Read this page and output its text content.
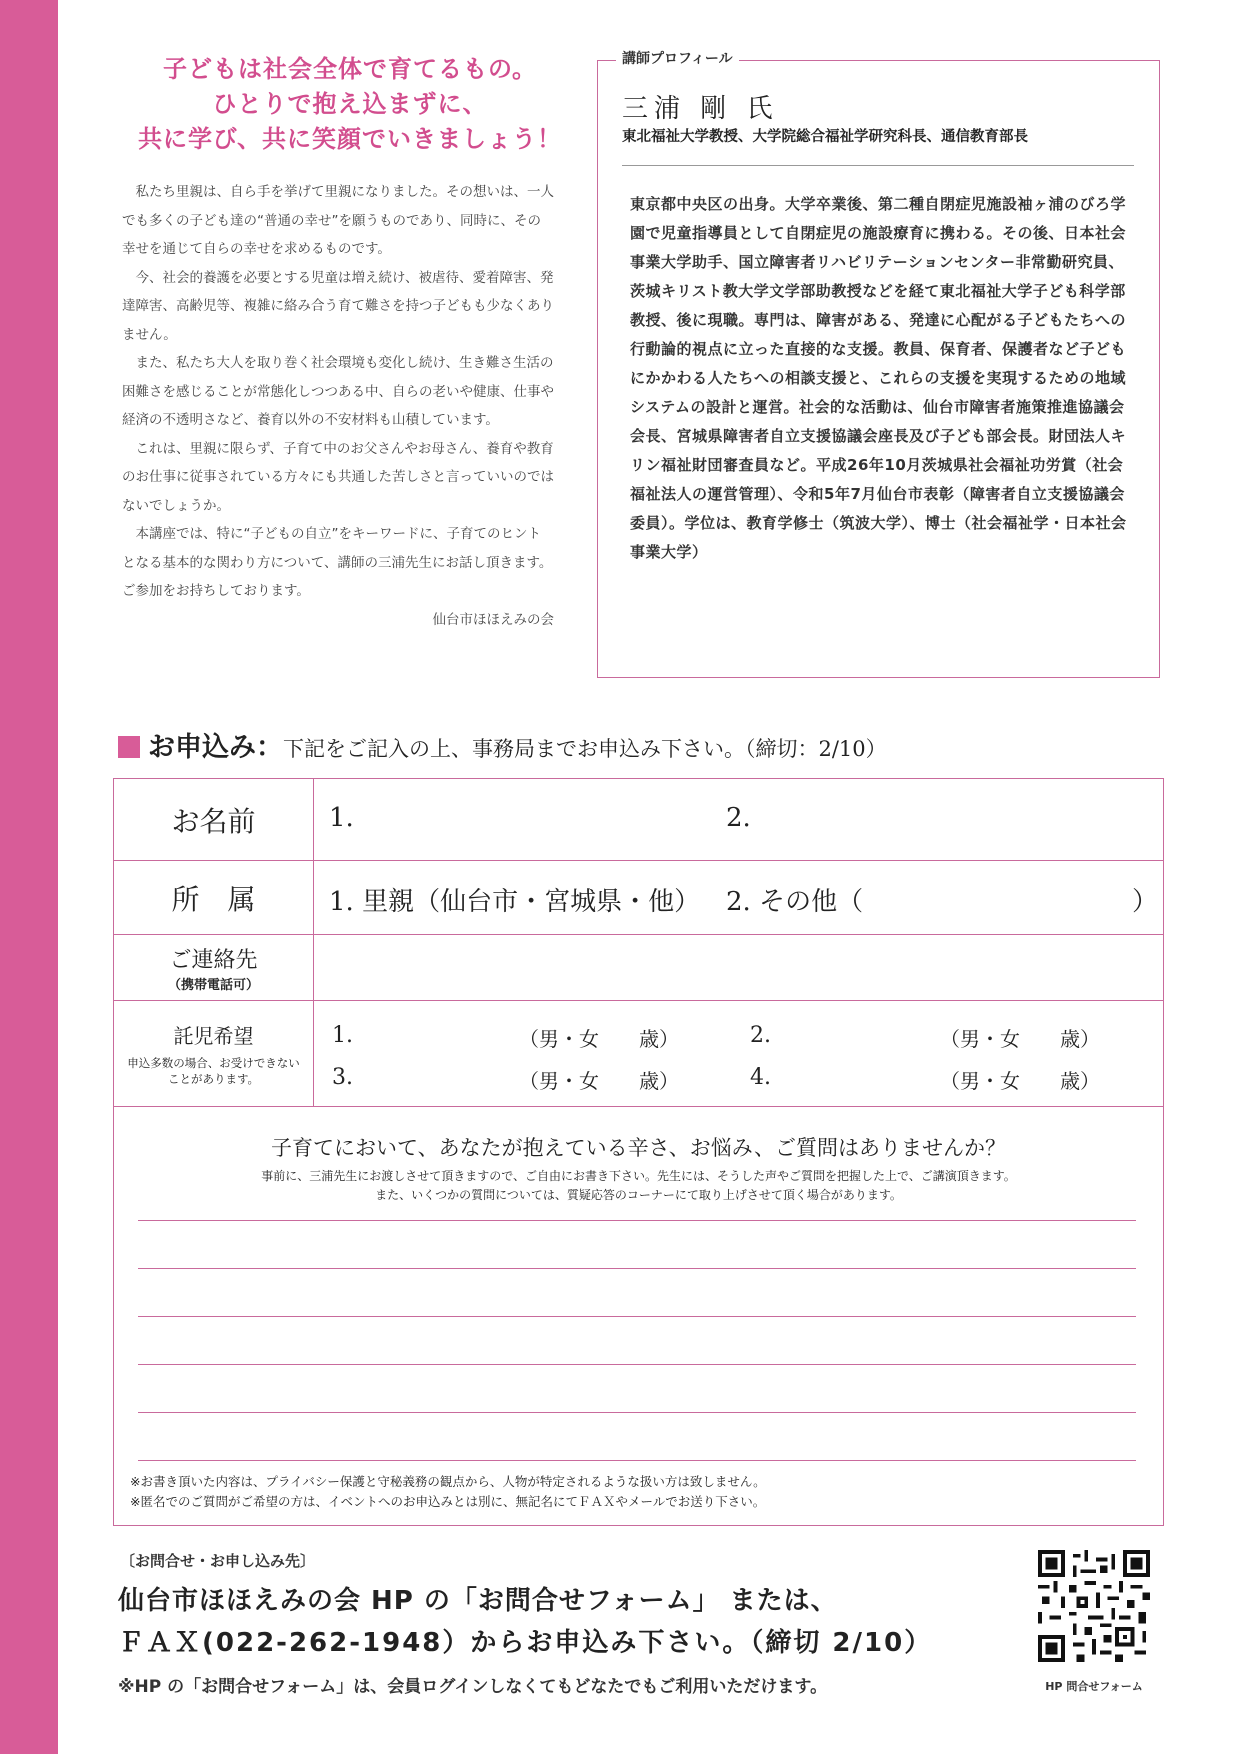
子どもは社会全体で育てるもの。
ひとりで抱え込まずに、
共に学び、共に笑顔でいきましょう！

私たち里親は、自ら手を挙げて里親になりました。その想いは、一人でも多くの子ども達の“普通の幸せ”を願うものであり、同時に、その幸せを通じて自らの幸せを求めるものです。

今、社会的養護を必要とする児童は増え続け、被虐待、愛着障害、発達障害、高齢児等、複雑に絡み合う育て難さを持つ子どもも少なくありません。

また、私たち大人を取り巻く社会環境も変化し続け、生き難さ生活の困難さを感じることが常態化しつつある中、自らの老いや健康、仕事や経済の不透明さなど、養育以外の不安材料も山積しています。

これは、里親に限らず、子育て中のお父さんやお母さん、養育や教育のお仕事に従事されている方々にも共通した苦しさと言っていいのではないでしょうか。

本講座では、特に“子どもの自立”をキーワードに、子育てのヒントとなる基本的な関わり方について、講師の三浦先生にお話し頂きます。ご参加をお持ちしております。

仙台市ほほえみの会

講師プロフィール
三浦 剛 氏
東北福祉大学教授、大学院総合福祉学研究科長、通信教育部長
東京都中央区の出身。大学卒業後、第二種自閉症児施設袖ヶ浦のびろ学園で児童指導員として自閉症児の施設療育に携わる。その後、日本社会事業大学助手、国立障害者リハビリテーションセンター非常勤研究員、茨城キリスト教大学文学部助教授などを経て東北福祉大学子ども科学部教授、後に現職。専門は、障害がある、発達に心配がる子どもたちへの行動論的視点に立った直接的な支援。教員、保育者、保護者など子どもにかかわる人たちへの相談支援と、これらの支援を実現するための地域システムの設計と運営。社会的な活動は、仙台市障害者施策推進協議会会長、宮城県障害者自立支援協議会座長及び子ども部会長。財団法人キリン福祉財団審査員など。平成26年10月茨城県社会福祉功労賞（社会福祉法人の運営管理）、令和5年7月仙台市表彰（障害者自立支援協議会委員）。学位は、教育学修士（筑波大学）、博士（社会福祉学・日本社会事業大学）
お申込み：下記をご記入の上、事務局までお申込み下さい。（締切：2/10）
お名前	1.	2.
所　属	1. 里親（仙台市・宮城県・他） 2. その他（	）
ご連絡先
（携帯電話可）
託児希望
申込多数の場合、お受けできないことがあります。
1.	（男・女　　歳）	2.	（男・女　　歳）
3.	（男・女　　歳）	4.	（男・女　　歳）
子育てにおいて、あなたが抱えている辛さ、お悩み、ご質問はありませんか？
事前に、三浦先生にお渡しさせて頂きますので、ご自由にお書き下さい。先生には、そうした声やご質問を把握した上で、ご講演頂きます。
また、いくつかの質問については、質疑応答のコーナーにて取り上げさせて頂く場合があります。
※お書き頂いた内容は、プライバシー保護と守秘義務の観点から、人物が特定されるような扱い方は致しません。
※匿名でのご質問がご希望の方は、イベントへのお申込みとは別に、無記名にてＦＡＸやメールでお送り下さい。
〔お問合せ・お申し込み先〕
仙台市ほほえみの会 HP の「お問合せフォーム」 または、
ＦＡＸ(022-262-1948）からお申込み下さい。（締切 2/10）
※HP の「お問合せフォーム」は、会員ログインしなくてもどなたでもご利用いただけます。	HP 問合せフォーム
